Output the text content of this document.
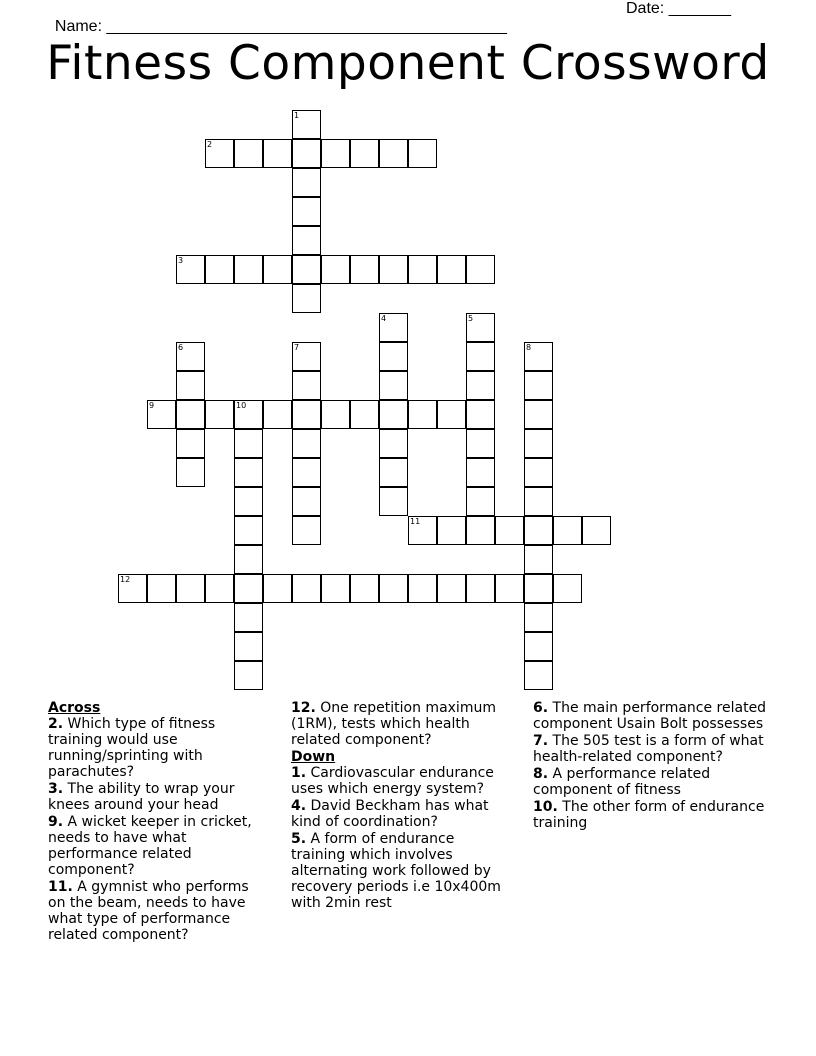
Name: _____________________________________________

Date: _______

Fitness Component Crossword
1
2
3
4	5
6	7	8
9	10
11
12
Across
2. Which type of fitness training would use running/sprinting with parachutes?
3. The ability to wrap your knees around your head
9. A wicket keeper in cricket, needs to have what performance related component?
11. A gymnist who performs on the beam, needs to have what type of performance related component?
12. One repetition maximum (1RM), tests which health related component?
Down
1. Cardiovascular endurance uses which energy system?
4. David Beckham has what kind of coordination?
5. A form of endurance training which involves alternating work followed by recovery periods i.e 10x400m with 2min rest
6. The main performance related component Usain Bolt possesses
7. The 505 test is a form of what health-related component?
8. A performance related component of fitness
10. The other form of endurance training
